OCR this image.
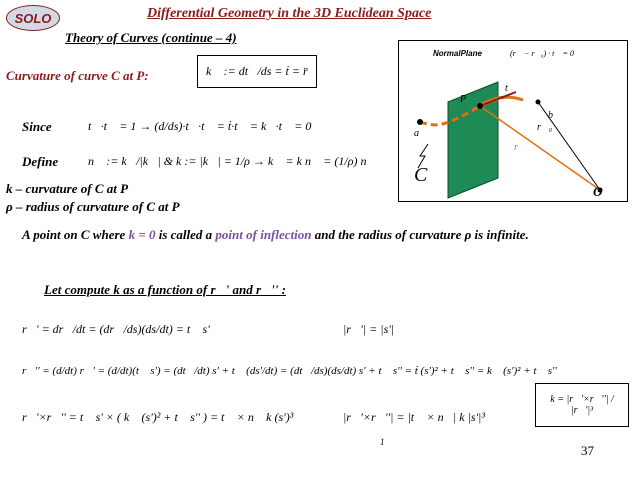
SOLO	Differential Geometry in the 3D Euclidean Space
Theory of Curves (continue – 4)
Curvature of curve C at P:	k⃗ := dt⃗/ds = ṫ = r̈
Since	t⃗·t⃗ = 1 → (d/ds)·t⃗·t⃗ = ṫ·t⃗ = k⃗·t⃗ = 0
Define n⃗ := k⃗/|k⃗| & k := |k⃗| = 1/ρ → k⃗ = k n⃗ = (1/ρ) n⃗
k – curvature of C at P
ρ – radius of curvature of C at P
NormalPlane	(r⃗ − r⃗₀) · t⃗ = 0
P
a
b
t⃗
r⃗
r⃗₀
C
O
A point on C where k = 0 is called a point of inflection and the radius of curvature ρ is infinite.
Let compute k as a function of r⃗' and r⃗'' :
r⃗' = dr⃗/dt = (dr⃗/ds)(ds/dt) = t⃗ s'	|r⃗'| = |s'|
r⃗'' = (d/dt) r⃗' = (d/dt)(t⃗ s') = (dt⃗/dt) s' + t⃗ (ds'/dt) = (dt⃗/ds)(ds/dt) s' + t⃗ s'' = ṫ (s')² + t⃗ s'' = k⃗ (s')² + t⃗ s''
r⃗'×r⃗'' = t⃗ s' × ( k⃗ (s')² + t⃗ s'' ) = t⃗ × n⃗ k (s')³	|r⃗'×r⃗''| = |t⃗ × n⃗| k |s'|³
1
k = |r⃗'×r⃗''| / |r⃗'|³
37
